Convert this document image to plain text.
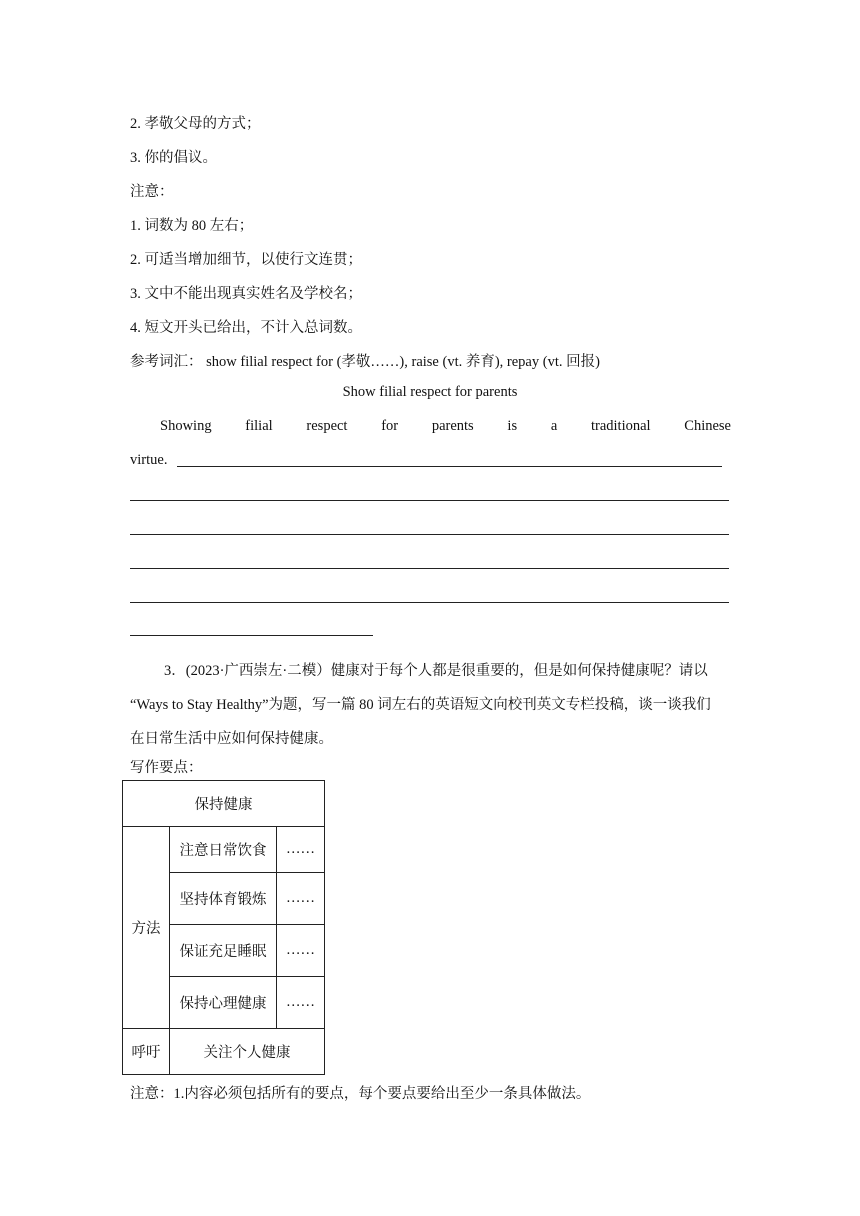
2. 孝敬父母的方式；
3. 你的倡议。
注意：
1. 词数为 80 左右；
2. 可适当增加细节，以使行文连贯；
3. 文中不能出现真实姓名及学校名；
4. 短文开头已给出，不计入总词数。
参考词汇： show filial respect for (孝敬……), raise (vt. 养育), repay (vt. 回报)
Show filial respect for parents
Showing filial respect for parents is a traditional Chinese
virtue.

3．(2023·广西崇左·二模）健康对于每个人都是很重要的，但是如何保持健康呢？请以

“Ways to Stay Healthy”为题，写一篇 80 词左右的英语短文向校刊英文专栏投稿，谈一谈我们

在日常生活中应如何保持健康。

写作要点：
保持健康		
方法	注意日常饮食	……
	坚持体育锻炼	……
	保证充足睡眠	……
	保持心理健康	……
呼吁	关注个人健康	
注意：1.内容必须包括所有的要点，每个要点要给出至少一条具体做法。
